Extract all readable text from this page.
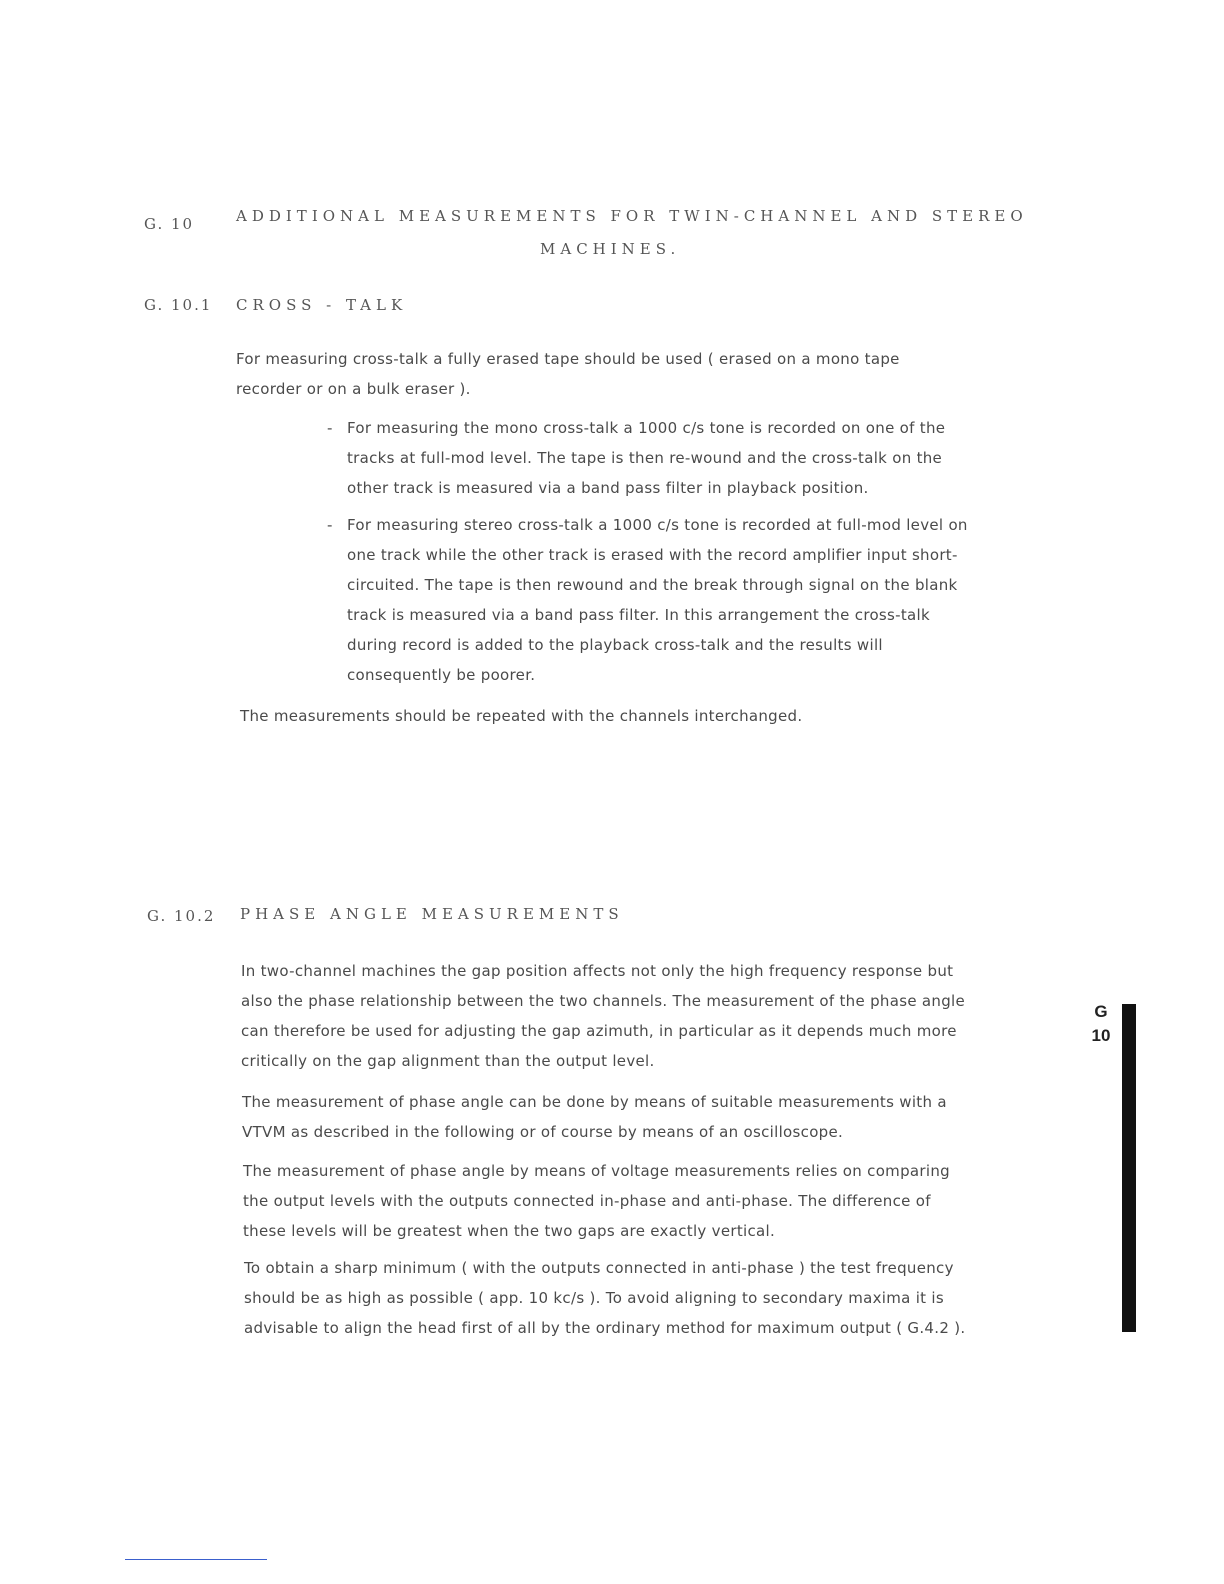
G. 10	ADDITIONAL MEASUREMENTS FOR TWIN-CHANNEL AND STEREO
MACHINES.
G. 10.1 CROSS - TALK

For measuring cross-talk a fully erased tape should be used ( erased on a mono tape recorder or on a bulk eraser ).

- For measuring the mono cross-talk a 1000 c/s tone is recorded on one of the tracks at full-mod level. The tape is then re-wound and the cross-talk on the other track is measured via a band pass filter in playback position.
- For measuring stereo cross-talk a 1000 c/s tone is recorded at full-mod level on one track while the other track is erased with the record amplifier input short-circuited. The tape is then rewound and the break through signal on the blank track is measured via a band pass filter. In this arrangement the cross-talk during record is added to the playback cross-talk and the results will consequently be poorer.

The measurements should be repeated with the channels interchanged.

G. 10.2 PHASE ANGLE MEASUREMENTS

In two-channel machines the gap position affects not only the high frequency response but also the phase relationship between the two channels. The measurement of the phase angle can therefore be used for adjusting the gap azimuth, in particular as it depends much more critically on the gap alignment than the output level.

The measurement of phase angle can be done by means of suitable measurements with a VTVM as described in the following or of course by means of an oscilloscope.

The measurement of phase angle by means of voltage measurements relies on comparing the output levels with the outputs connected in-phase and anti-phase. The difference of these levels will be greatest when the two gaps are exactly vertical.

To obtain a sharp minimum ( with the outputs connected in anti-phase ) the test frequency should be as high as possible ( app. 10 kc/s ). To avoid aligning to secondary maxima it is advisable to align the head first of all by the ordinary method for maximum output ( G.4.2 ).

G
10
